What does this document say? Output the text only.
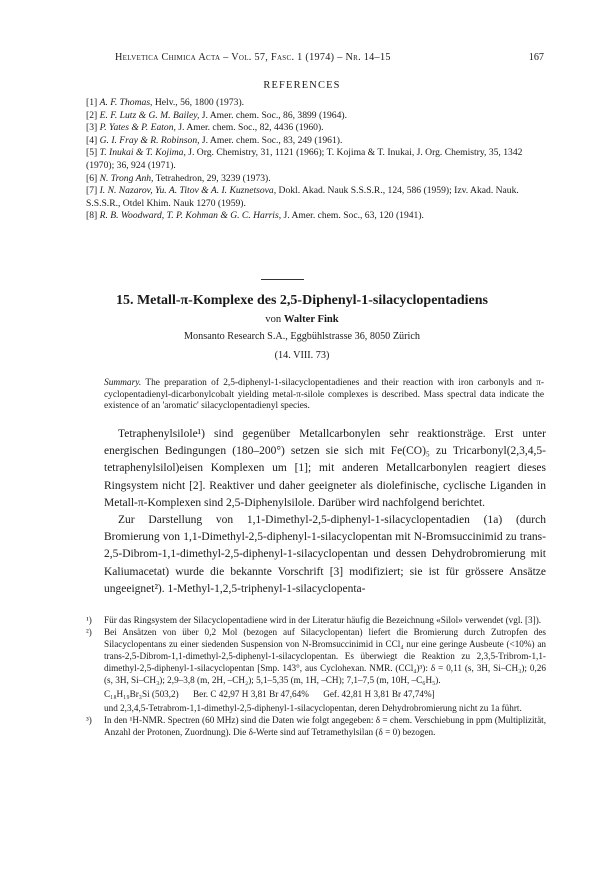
Helvetica Chimica Acta – Vol. 57, Fasc. 1 (1974) – Nr. 14–15	167
REFERENCES
[1] A. F. Thomas, Helv., 56, 1800 (1973).
[2] E. F. Lutz & G. M. Bailey, J. Amer. chem. Soc., 86, 3899 (1964).
[3] P. Yates & P. Eaton, J. Amer. chem. Soc., 82, 4436 (1960).
[4] G. I. Fray & R. Robinson, J. Amer. chem. Soc., 83, 249 (1961).
[5] T. Inukai & T. Kojima, J. Org. Chemistry, 31, 1121 (1966); T. Kojima & T. Inukai, J. Org. Chemistry, 35, 1342 (1970); 36, 924 (1971).
[6] N. Trong Anh, Tetrahedron, 29, 3239 (1973).
[7] I. N. Nazarov, Yu. A. Titov & A. I. Kuznetsova, Dokl. Akad. Nauk S.S.S.R., 124, 586 (1959); Izv. Akad. Nauk. S.S.S.R., Otdel Khim. Nauk 1270 (1959).
[8] R. B. Woodward, T. P. Kohman & G. C. Harris, J. Amer. chem. Soc., 63, 120 (1941).
15. Metall-π-Komplexe des 2,5-Diphenyl-1-silacyclopentadiens
von Walter Fink
Monsanto Research S.A., Eggbühlstrasse 36, 8050 Zürich
(14. VIII. 73)
Summary. The preparation of 2,5-diphenyl-1-silacyclopentadienes and their reaction with iron carbonyls and π-cyclopentadienyl-dicarbonylcobalt yielding metal-π-silole complexes is described. Mass spectral data indicate the existence of an 'aromatic' silacyclopentadienyl species.

Tetraphenylsilole¹) sind gegenüber Metallcarbonylen sehr reaktionsträge. Erst unter energischen Bedingungen (180–200°) setzen sie sich mit Fe(CO)₅ zu Tricarbonyl(2,3,4,5-tetraphenylsilol)eisen Komplexen um [1]; mit anderen Metallcarbonylen reagiert dieses Ringsystem nicht [2]. Reaktiver und daher geeigneter als diolefinische, cyclische Liganden in Metall-π-Komplexen sind 2,5-Diphenylsilole. Darüber wird nachfolgend berichtet.

Zur Darstellung von 1,1-Dimethyl-2,5-diphenyl-1-silacyclopentadien (1a) (durch Bromierung von 1,1-Dimethyl-2,5-diphenyl-1-silacyclopentan mit N-Bromsuccinimid zu trans-2,5-Dibrom-1,1-dimethyl-2,5-diphenyl-1-silacyclopentan und dessen Dehydrobromierung mit Kaliumacetat) wurde die bekannte Vorschrift [3] modifiziert; sie ist für grössere Ansätze ungeeignet²). 1-Methyl-1,2,5-triphenyl-1-silacyclopenta-

¹) Für das Ringsystem der Silacyclopentadiene wird in der Literatur häufig die Bezeichnung «Silol» verwendet (vgl. [3]).

²) Bei Ansätzen von über 0,2 Mol (bezogen auf Silacyclopentan) liefert die Bromierung durch Zutropfen des Silacyclopentans zu einer siedenden Suspension von N-Bromsuccinimid in CCl₄ nur eine geringe Ausbeute (<10%) an trans-2,5-Dibrom-1,1-dimethyl-2,5-diphenyl-1-silacyclopentan. Es überwiegt die Reaktion zu 2,3,5-Tribrom-1,1-dimethyl-2,5-diphenyl-1-silacyclopentan [Smp. 143°, aus Cyclohexan. NMR. (CCl₄)³): δ = 0,11 (s, 3H, Si–CH₃); 0,26 (s, 3H, Si–CH₃); 2,9–3,8 (m, 2H, –CH₂); 5,1–5,35 (m, 1H, –CH); 7,1–7,5 (m, 10H, –C₆H₅).

C₁₈H₁₉Br₃Si (503,2) Ber. C 42,97 H 3,81 Br 47,64% Gef. 42,81 H 3,81 Br 47,74%]
und 2,3,4,5-Tetrabrom-1,1-dimethyl-2,5-diphenyl-1-silacyclopentan, deren Dehydrobromierung nicht zu 1a führt.
³) In den ¹H-NMR. Spectren (60 MHz) sind die Daten wie folgt angegeben: δ = chem. Verschiebung in ppm (Multiplizität, Anzahl der Protonen, Zuordnung). Die δ-Werte sind auf Tetramethylsilan (δ = 0) bezogen.
